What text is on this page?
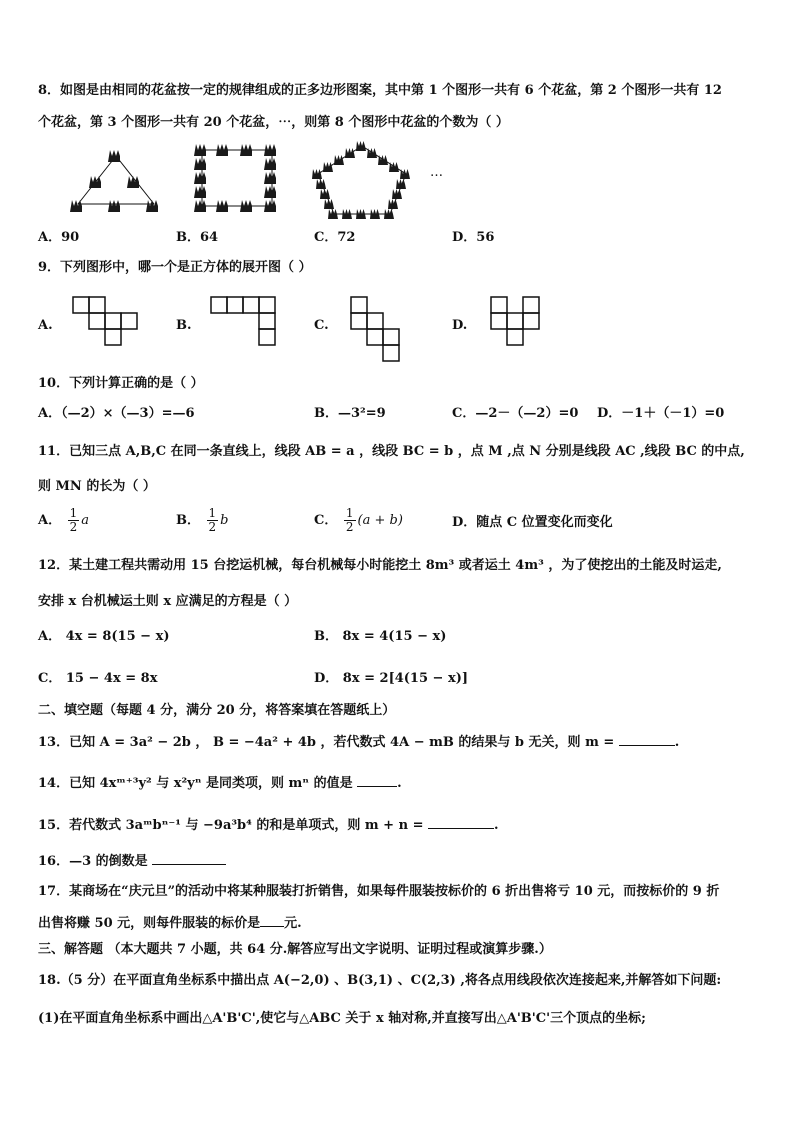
8．如图是由相同的花盆按一定的规律组成的正多边形图案，其中第 1 个图形一共有 6 个花盆，第 2 个图形一共有 12
个花盆，第 3 个图形一共有 20 个花盆，⋯，则第 8 个图形中花盆的个数为（ ）
…
A．90	B．64	C．72	D．56
9．下列图形中，哪一个是正方体的展开图（ ）
A.	B.	C.	D.
10．下列计算正确的是（ ）
A．（—2）×（—3）=—6	B．—3²=9	C．—2－（—2）=0 D．－1＋（－1）=0
11．已知三点 A,B,C 在同一条直线上，线段 AB = a ，线段 BC = b ，点 M ,点 N 分别是线段 AC ,线段 BC 的中点,
则 MN 的长为（ ）
A． $\frac{1}{2}$ a	B． $\frac{1}{2}$ b	C． $\frac{1}{2} (a + b)$	D．随点 C 位置变化而变化
12．某土建工程共需动用 15 台挖运机械，每台机械每小时能挖土 8m³ 或者运土 4m³ ，为了使挖出的土能及时运走,
安排 x 台机械运土则 x 应满足的方程是（ ）
A． 4x = 8(15 − x)	B． 8x = 4(15 − x)
C． 15 − 4x = 8x	D． 8x = 2[4(15 − x)]
二、填空题（每题 4 分，满分 20 分，将答案填在答题纸上）
13．已知 A = 3a² − 2b ， B = −4a² + 4b ，若代数式 4A − mB 的结果与 b 无关，则 m =	.
14．已知 4xᵐ⁺³y² 与 x²yⁿ 是同类项，则 mⁿ 的值是	.
15．若代数式 3aᵐbⁿ⁻¹ 与 −9a³b⁴ 的和是单项式，则 m + n =	.
16．—3 的倒数是
17．某商场在“庆元旦”的活动中将某种服装打折销售，如果每件服装按标价的 6 折出售将亏 10 元，而按标价的 9 折
出售将赚 50 元，则每件服装的标价是 元.
三、解答题 （本大题共 7 小题，共 64 分.解答应写出文字说明、证明过程或演算步骤.）
18.（5 分）在平面直角坐标系中描出点 A(−2,0) 、B(3,1) 、C(2,3) ,将各点用线段依次连接起来,并解答如下问题:
(1)在平面直角坐标系中画出△A'B'C',使它与△ABC 关于 x 轴对称,并直接写出△A'B'C'三个顶点的坐标;
